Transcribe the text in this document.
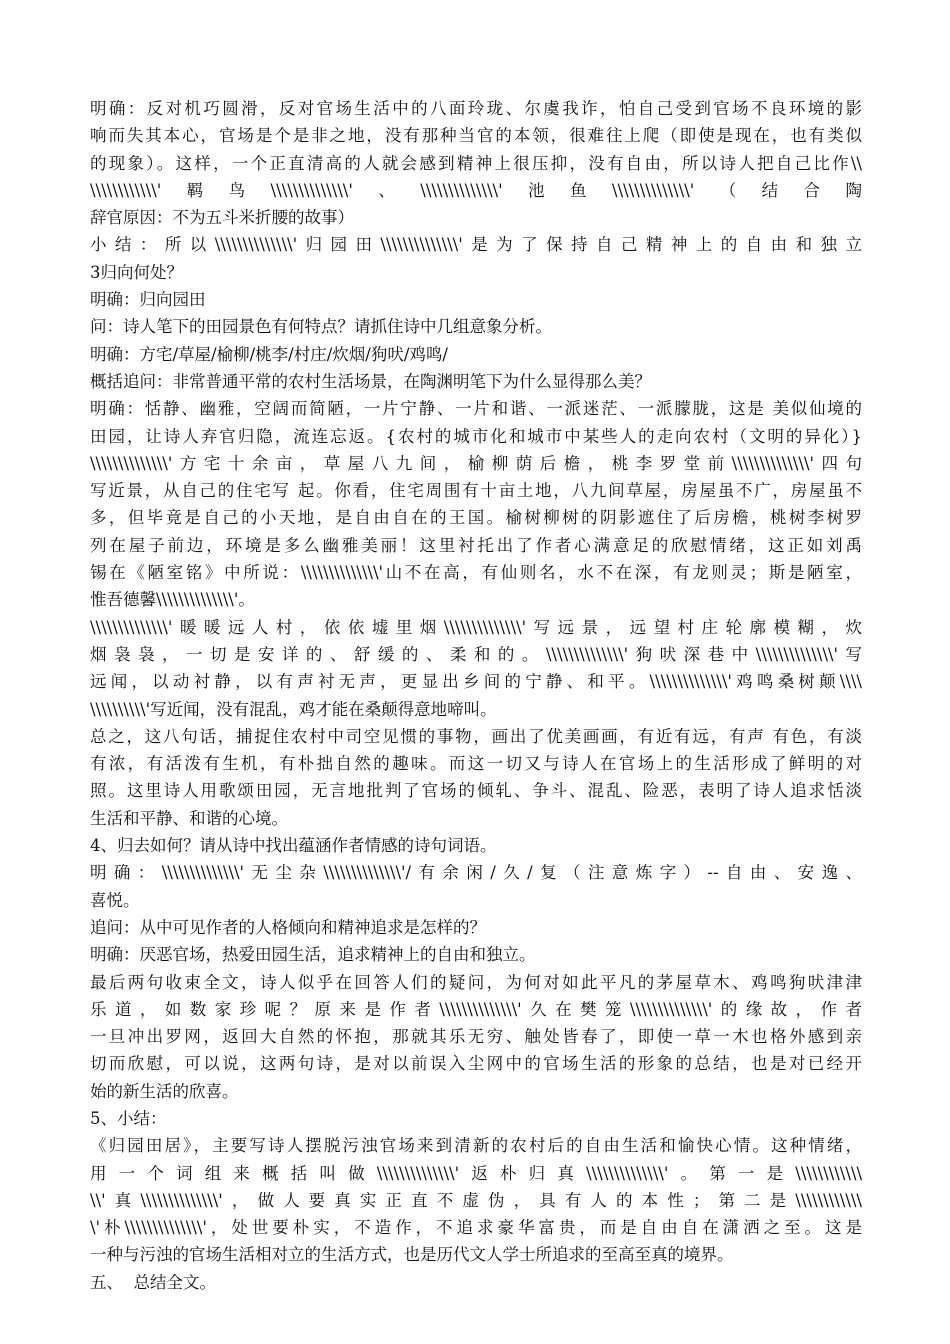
明确：反对机巧圆滑，反对官场生活中的八面玲珑、尔虞我诈，怕自己受到官场不良环境的影
响而失其本心，官场是个是非之地，没有那种当官的本领，很难往上爬（即使是现在，也有类似
的现象）。这样，一个正直清高的人就会感到精神上很压抑，没有自由，所以诗人把自己比作\\
\\\\\\\\\\\\'羁鸟\\\\\\\\\\\\\\'、\\\\\\\\\\\\\\'池鱼\\\\\\\\\\\\\\'（结合陶
辞官原因：不为五斗米折腰的故事）
小结：所以\\\\\\\\\\\\\\'归园田\\\\\\\\\\\\\\'是为了保持自己精神上的自由和独立
3归向何处？
明确：归向园田
问：诗人笔下的田园景色有何特点？请抓住诗中几组意象分析。
明确：方宅/草屋/榆柳/桃李/村庄/炊烟/狗吠/鸡鸣/
概括追问：非常普通平常的农村生活场景，在陶渊明笔下为什么显得那么美？
明确：恬静、幽雅，空阔而简陋，一片宁静、一片和谐、一派迷茫、一派朦胧，这是 美似仙境的
田园，让诗人弃官归隐，流连忘返。{农村的城市化和城市中某些人的走向农村（文明的异化）}
\\\\\\\\\\\\\\'方宅十余亩，草屋八九间，榆柳荫后檐，桃李罗堂前\\\\\\\\\\\\\\'四句
写近景，从自己的住宅写 起。你看，住宅周围有十亩土地，八九间草屋，房屋虽不广，房屋虽不
多，但毕竟是自己的小天地，是自由自在的王国。榆树柳树的阴影遮住了后房檐，桃树李树罗
列在屋子前边，环境是多么幽雅美丽！这里衬托出了作者心满意足的欣慰情绪，这正如刘禹
锡在《陋室铭》中所说：\\\\\\\\\\\\\\'山不在高，有仙则名，水不在深，有龙则灵；斯是陋室，
惟吾德馨\\\\\\\\\\\\\\'。
\\\\\\\\\\\\\\'暖暖远人村，依依墟里烟\\\\\\\\\\\\\\'写远景，远望村庄轮廓模糊，炊
烟袅袅，一切是安详的、舒缓的、柔和的。\\\\\\\\\\\\\\'狗吠深巷中\\\\\\\\\\\\\\'写
远闻，以动衬静，以有声衬无声，更显出乡间的宁静、和平。\\\\\\\\\\\\\\'鸡鸣桑树颠\\\\
\\\\\\\\\\'写近闻，没有混乱，鸡才能在桑颠得意地啼叫。
总之，这八句话，捕捉住农村中司空见惯的事物，画出了优美画画，有近有远，有声 有色，有淡
有浓，有活泼有生机，有朴拙自然的趣味。而这一切又与诗人在官场上的生活形成了鲜明的对
照。这里诗人用歌颂田园，无言地批判了官场的倾轧、争斗、混乱、险恶，表明了诗人追求恬淡
生活和平静、和谐的心境。
4、归去如何？请从诗中找出蕴涵作者情感的诗句词语。
明确：\\\\\\\\\\\\\\'无尘杂\\\\\\\\\\\\\\'/有余闲/久/复（注意炼字）--自由、安逸、
喜悦。
追问：从中可见作者的人格倾向和精神追求是怎样的？
明确：厌恶官场，热爱田园生活，追求精神上的自由和独立。
最后两句收束全文，诗人似乎在回答人们的疑问，为何对如此平凡的茅屋草木、鸡鸣狗吠津津
乐道，如数家珍呢？原来是作者\\\\\\\\\\\\\\'久在樊笼\\\\\\\\\\\\\\'的缘故，作者
一旦冲出罗网，返回大自然的怀抱，那就其乐无穷、触处皆春了，即使一草一木也格外感到亲
切而欣慰，可以说，这两句诗，是对以前误入尘网中的官场生活的形象的总结，也是对已经开
始的新生活的欣喜。
5、小结：
《归园田居》，主要写诗人摆脱污浊官场来到清新的农村后的自由生活和愉快心情。这种情绪，
用一个词组来概括叫做\\\\\\\\\\\\\\'返朴归真\\\\\\\\\\\\\\'。第一是\\\\\\\\\\\\
\\'真\\\\\\\\\\\\\\'，做人要真实正直不虚伪，具有人的本性；第二是\\\\\\\\\\\\
\'朴\\\\\\\\\\\\\\'，处世要朴实，不造作，不追求豪华富贵，而是自由自在潇洒之至。这是
一种与污浊的官场生活相对立的生活方式，也是历代文人学士所追求的至高至真的境界。
五、  总结全文。
